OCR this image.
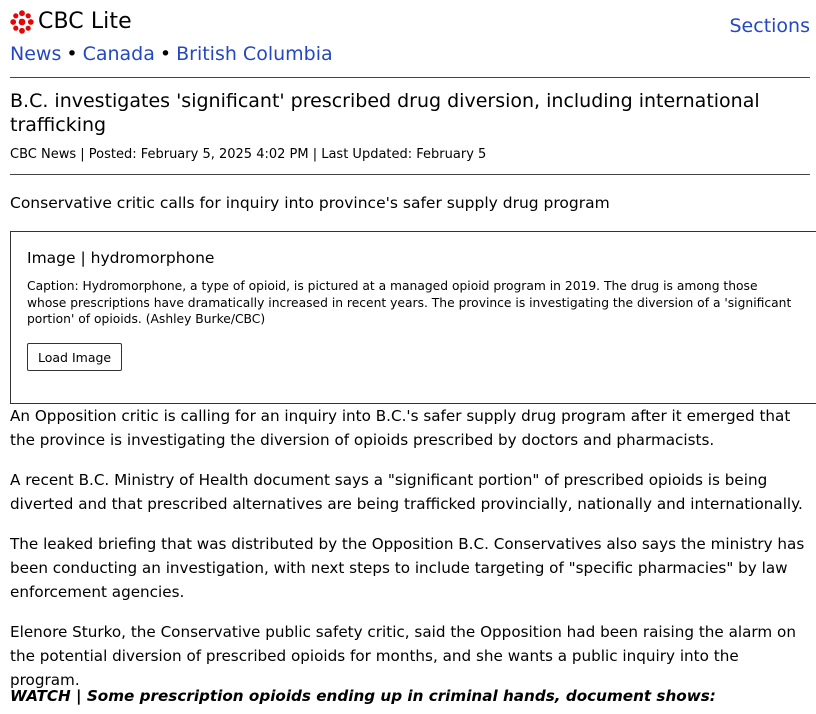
CBC Lite	Sections
News • Canada • British Columbia
B.C. investigates 'significant' prescribed drug diversion, including international trafficking
CBC News | Posted: February 5, 2025 4:02 PM | Last Updated: February 5

Conservative critic calls for inquiry into province's safer supply drug program

Image | hydromorphone

Caption: Hydromorphone, a type of opioid, is pictured at a managed opioid program in 2019. The drug is among those whose prescriptions have dramatically increased in recent years. The province is investigating the diversion of a 'significant portion' of opioids. (Ashley Burke/CBC)

Load Image

An Opposition critic is calling for an inquiry into B.C.'s safer supply drug program after it emerged that the province is investigating the diversion of opioids prescribed by doctors and pharmacists.

A recent B.C. Ministry of Health document says a "significant portion" of prescribed opioids is being diverted and that prescribed alternatives are being trafficked provincially, nationally and internationally.

The leaked briefing that was distributed by the Opposition B.C. Conservatives also says the ministry has been conducting an investigation, with next steps to include targeting of "specific pharmacies" by law enforcement agencies.

Elenore Sturko, the Conservative public safety critic, said the Opposition had been raising the alarm on the potential diversion of prescribed opioids for months, and she wants a public inquiry into the program.

WATCH | Some prescription opioids ending up in criminal hands, document shows:
